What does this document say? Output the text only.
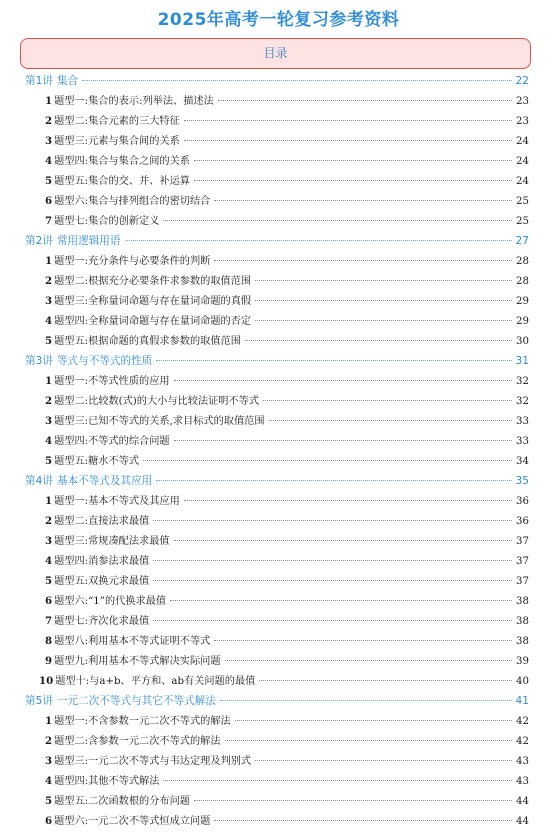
2025年高考一轮复习参考资料
目录
第1讲 集合	22
1 题型一:集合的表示:列举法、描述法	23
2 题型二:集合元素的三大特征	23
3 题型三:元素与集合间的关系	24
4 题型四:集合与集合之间的关系	24
5 题型五:集合的交、并、补运算	24
6 题型六:集合与排列组合的密切结合	25
7 题型七:集合的创新定义	25
第2讲 常用逻辑用语	27
1 题型一:充分条件与必要条件的判断	28
2 题型二:根据充分必要条件求参数的取值范围	28
3 题型三:全称量词命题与存在量词命题的真假	29
4 题型四:全称量词命题与存在量词命题的否定	29
5 题型五:根据命题的真假求参数的取值范围	30
第3讲 等式与不等式的性质	31
1 题型一:不等式性质的应用	32
2 题型二:比较数(式)的大小与比较法证明不等式	32
3 题型三:已知不等式的关系,求目标式的取值范围	33
4 题型四:不等式的综合问题	33
5 题型五:糖水不等式	34
第4讲 基本不等式及其应用	35
1 题型一:基本不等式及其应用	36
2 题型二:直接法求最值	36
3 题型三:常规凑配法求最值	37
4 题型四:消参法求最值	37
5 题型五:双换元求最值	37
6 题型六:“1”的代换求最值	38
7 题型七:齐次化求最值	38
8 题型八:利用基本不等式证明不等式	38
9 题型九:利用基本不等式解决实际问题	39
10 题型十:与a+b、平方和、ab有关问题的最值	40
第5讲 一元二次不等式与其它不等式解法	41
1 题型一:不含参数一元二次不等式的解法	42
2 题型二:含参数一元二次不等式的解法	42
3 题型三:一元二次不等式与韦达定理及判别式	43
4 题型四:其他不等式解法	43
5 题型五:二次函数根的分布问题	44
6 题型六:一元二次不等式恒成立问题	44
